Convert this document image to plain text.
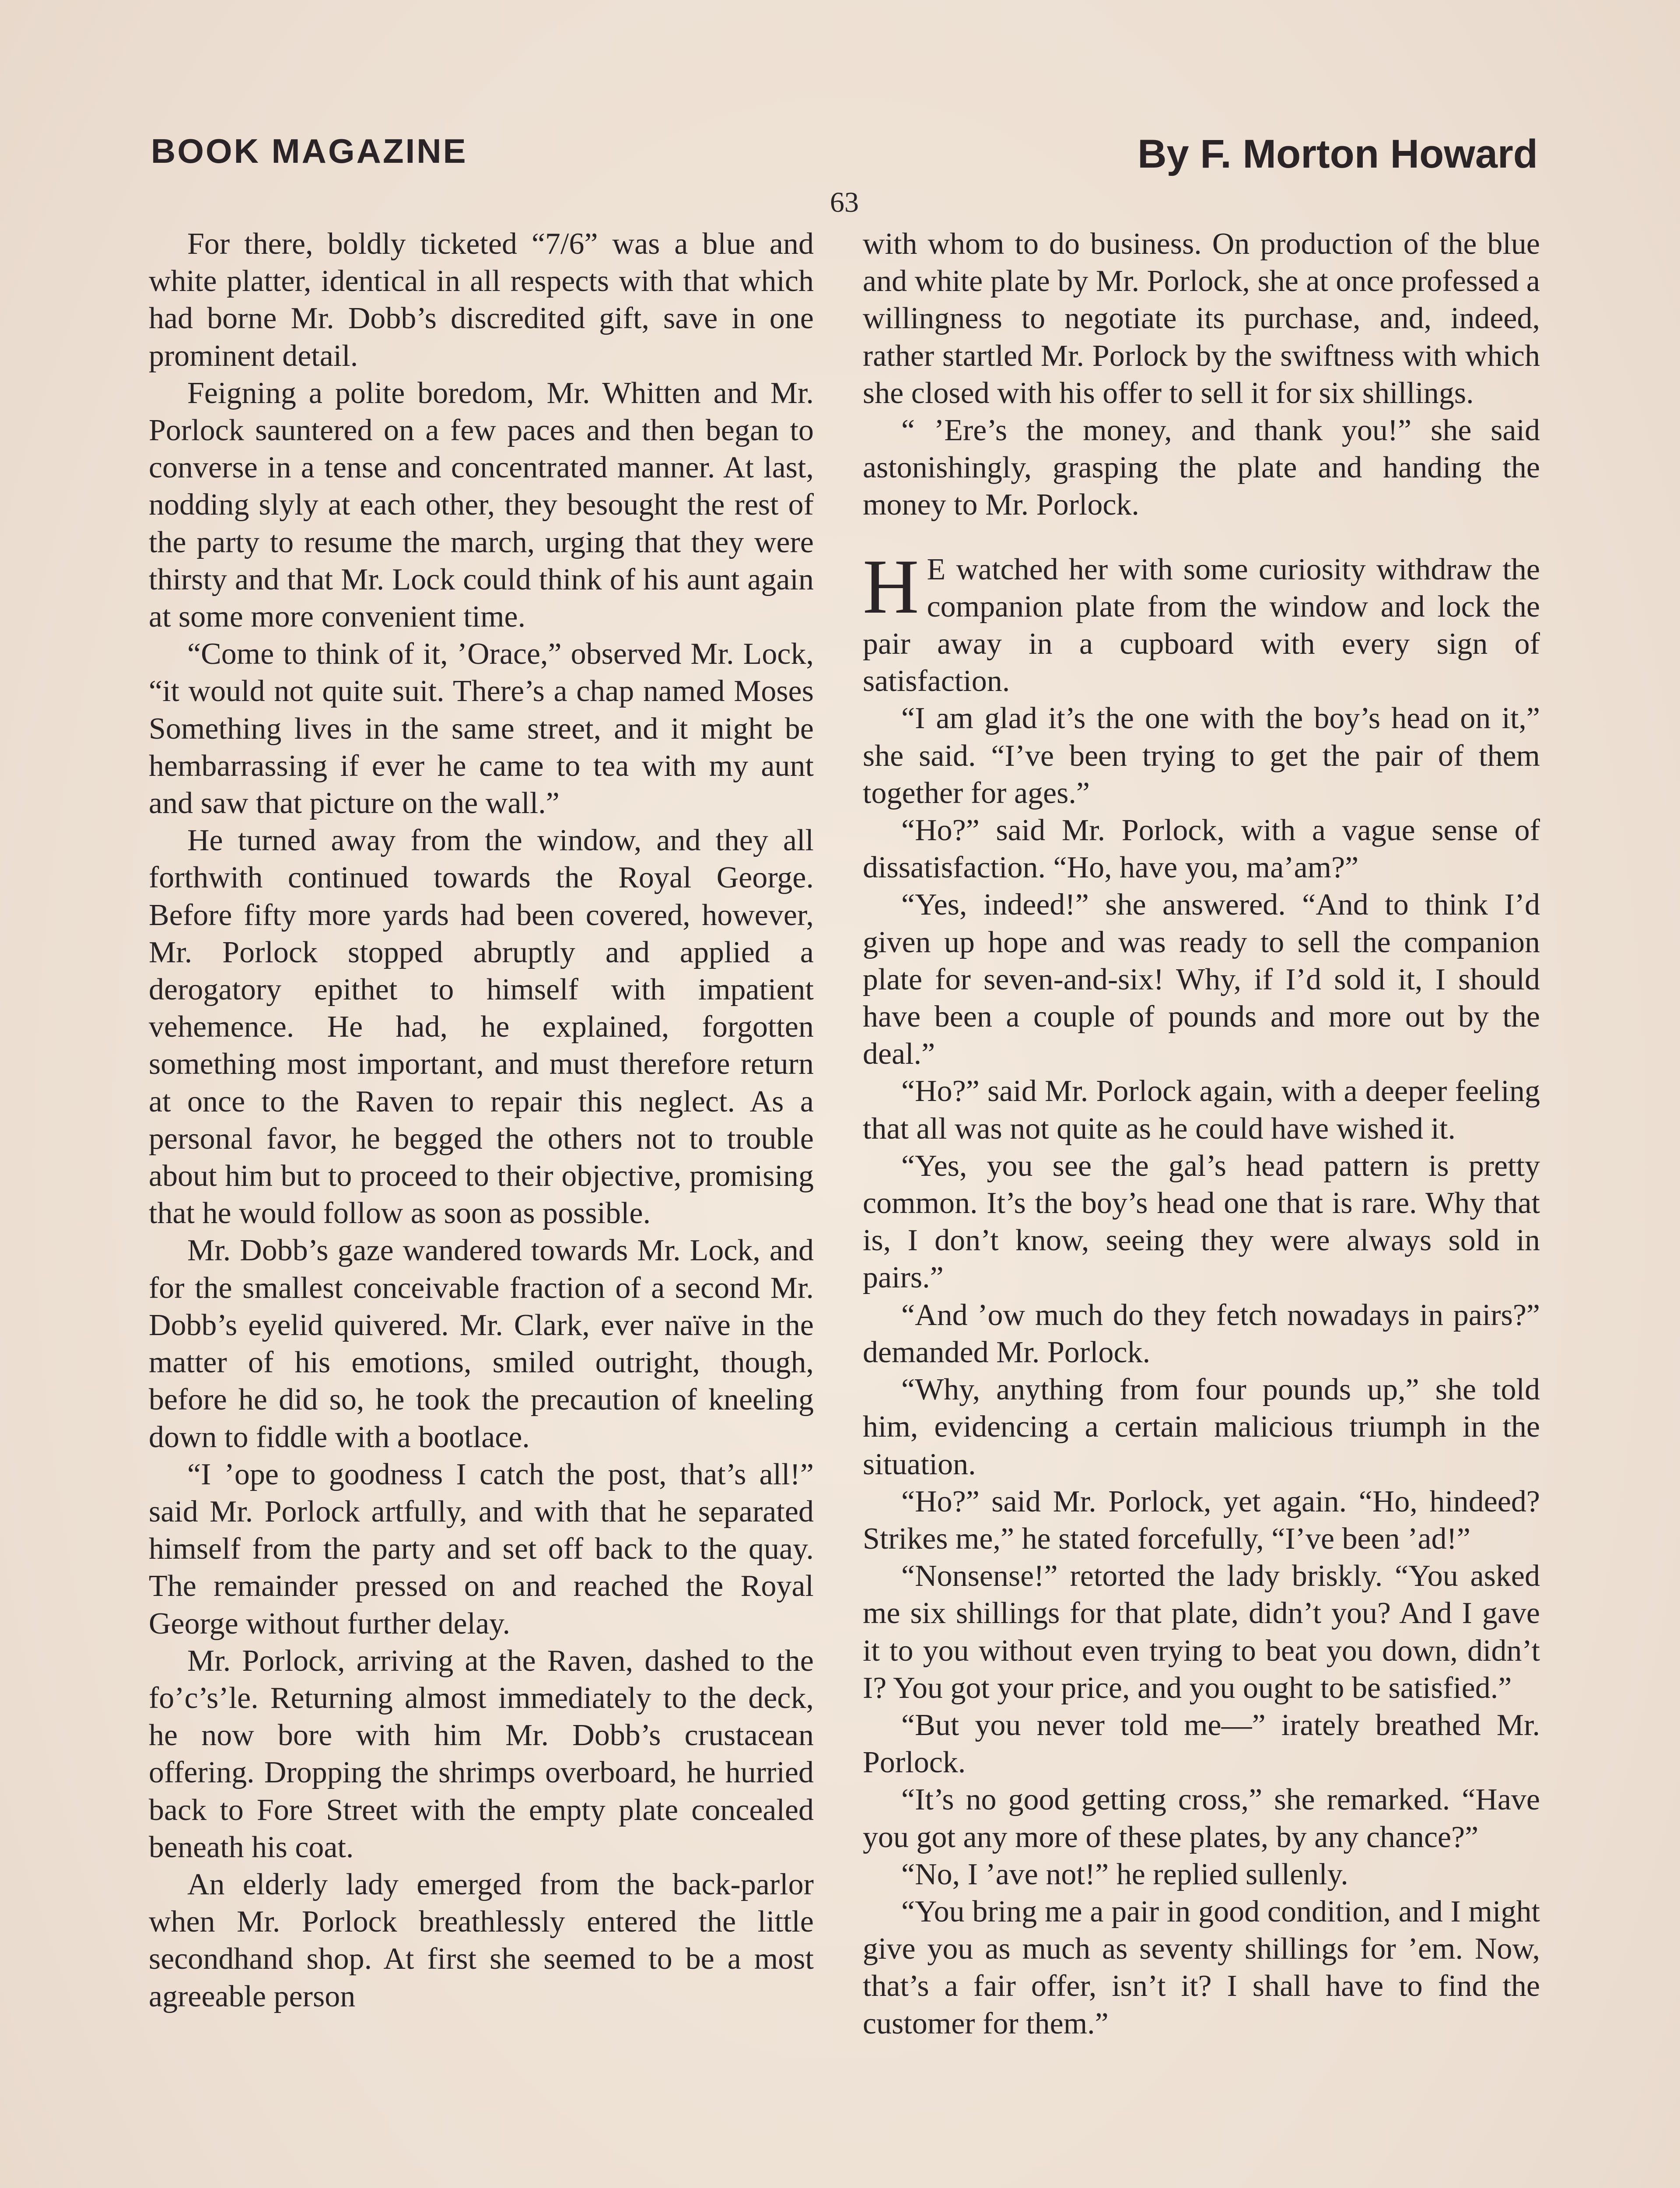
BOOK MAGAZINE	By F. Morton Howard
63

For there, boldly ticketed “7/6” was a blue and white platter, identical in all respects with that which had borne Mr. Dobb’s discredited gift, save in one prominent detail.

Feigning a polite boredom, Mr. Whitten and Mr. Porlock sauntered on a few paces and then began to converse in a tense and concentrated manner. At last, nodding slyly at each other, they besought the rest of the party to resume the march, urging that they were thirsty and that Mr. Lock could think of his aunt again at some more convenient time.

“Come to think of it, ’Orace,” observed Mr. Lock, “it would not quite suit. There’s a chap named Moses Something lives in the same street, and it might be hembarrassing if ever he came to tea with my aunt and saw that picture on the wall.”

He turned away from the window, and they all forthwith continued towards the Royal George. Before fifty more yards had been covered, however, Mr. Porlock stopped abruptly and applied a derogatory epithet to himself with impatient vehemence. He had, he explained, forgotten something most important, and must therefore return at once to the Raven to repair this neglect. As a personal favor, he begged the others not to trouble about him but to proceed to their objective, promising that he would follow as soon as possible.

Mr. Dobb’s gaze wandered towards Mr. Lock, and for the smallest conceivable fraction of a second Mr. Dobb’s eyelid quivered. Mr. Clark, ever naïve in the matter of his emotions, smiled outright, though, before he did so, he took the precaution of kneeling down to fiddle with a bootlace.

“I ’ope to goodness I catch the post, that’s all!” said Mr. Porlock artfully, and with that he separated himself from the party and set off back to the quay. The remainder pressed on and reached the Royal George without further delay.

Mr. Porlock, arriving at the Raven, dashed to the fo’c’s’le. Returning almost immediately to the deck, he now bore with him Mr. Dobb’s crustacean offering. Dropping the shrimps overboard, he hurried back to Fore Street with the empty plate concealed beneath his coat.

An elderly lady emerged from the back-parlor when Mr. Porlock breathlessly entered the little secondhand shop. At first she seemed to be a most agreeable person

with whom to do business. On production of the blue and white plate by Mr. Porlock, she at once professed a willingness to negotiate its purchase, and, indeed, rather startled Mr. Porlock by the swiftness with which she closed with his offer to sell it for six shillings.

“ ’Ere’s the money, and thank you!” she said astonishingly, grasping the plate and handing the money to Mr. Porlock.

H E watched her with some curiosity withdraw the companion plate from the window and lock the pair away in a cupboard with every sign of satisfaction.

“I am glad it’s the one with the boy’s head on it,” she said. “I’ve been trying to get the pair of them together for ages.”

“Ho?” said Mr. Porlock, with a vague sense of dissatisfaction. “Ho, have you, ma’am?”

“Yes, indeed!” she answered. “And to think I’d given up hope and was ready to sell the companion plate for seven-and-six! Why, if I’d sold it, I should have been a couple of pounds and more out by the deal.”

“Ho?” said Mr. Porlock again, with a deeper feeling that all was not quite as he could have wished it.

“Yes, you see the gal’s head pattern is pretty common. It’s the boy’s head one that is rare. Why that is, I don’t know, seeing they were always sold in pairs.”

“And ’ow much do they fetch nowadays in pairs?” demanded Mr. Porlock.

“Why, anything from four pounds up,” she told him, evidencing a certain malicious triumph in the situation.

“Ho?” said Mr. Porlock, yet again. “Ho, hindeed? Strikes me,” he stated forcefully, “I’ve been ’ad!”

“Nonsense!” retorted the lady briskly. “You asked me six shillings for that plate, didn’t you? And I gave it to you without even trying to beat you down, didn’t I? You got your price, and you ought to be satisfied.”

“But you never told me—” irately breathed Mr. Porlock.

“It’s no good getting cross,” she remarked. “Have you got any more of these plates, by any chance?”

“No, I ’ave not!” he replied sullenly.

“You bring me a pair in good condition, and I might give you as much as seventy shillings for ’em. Now, that’s a fair offer, isn’t it? I shall have to find the customer for them.”
